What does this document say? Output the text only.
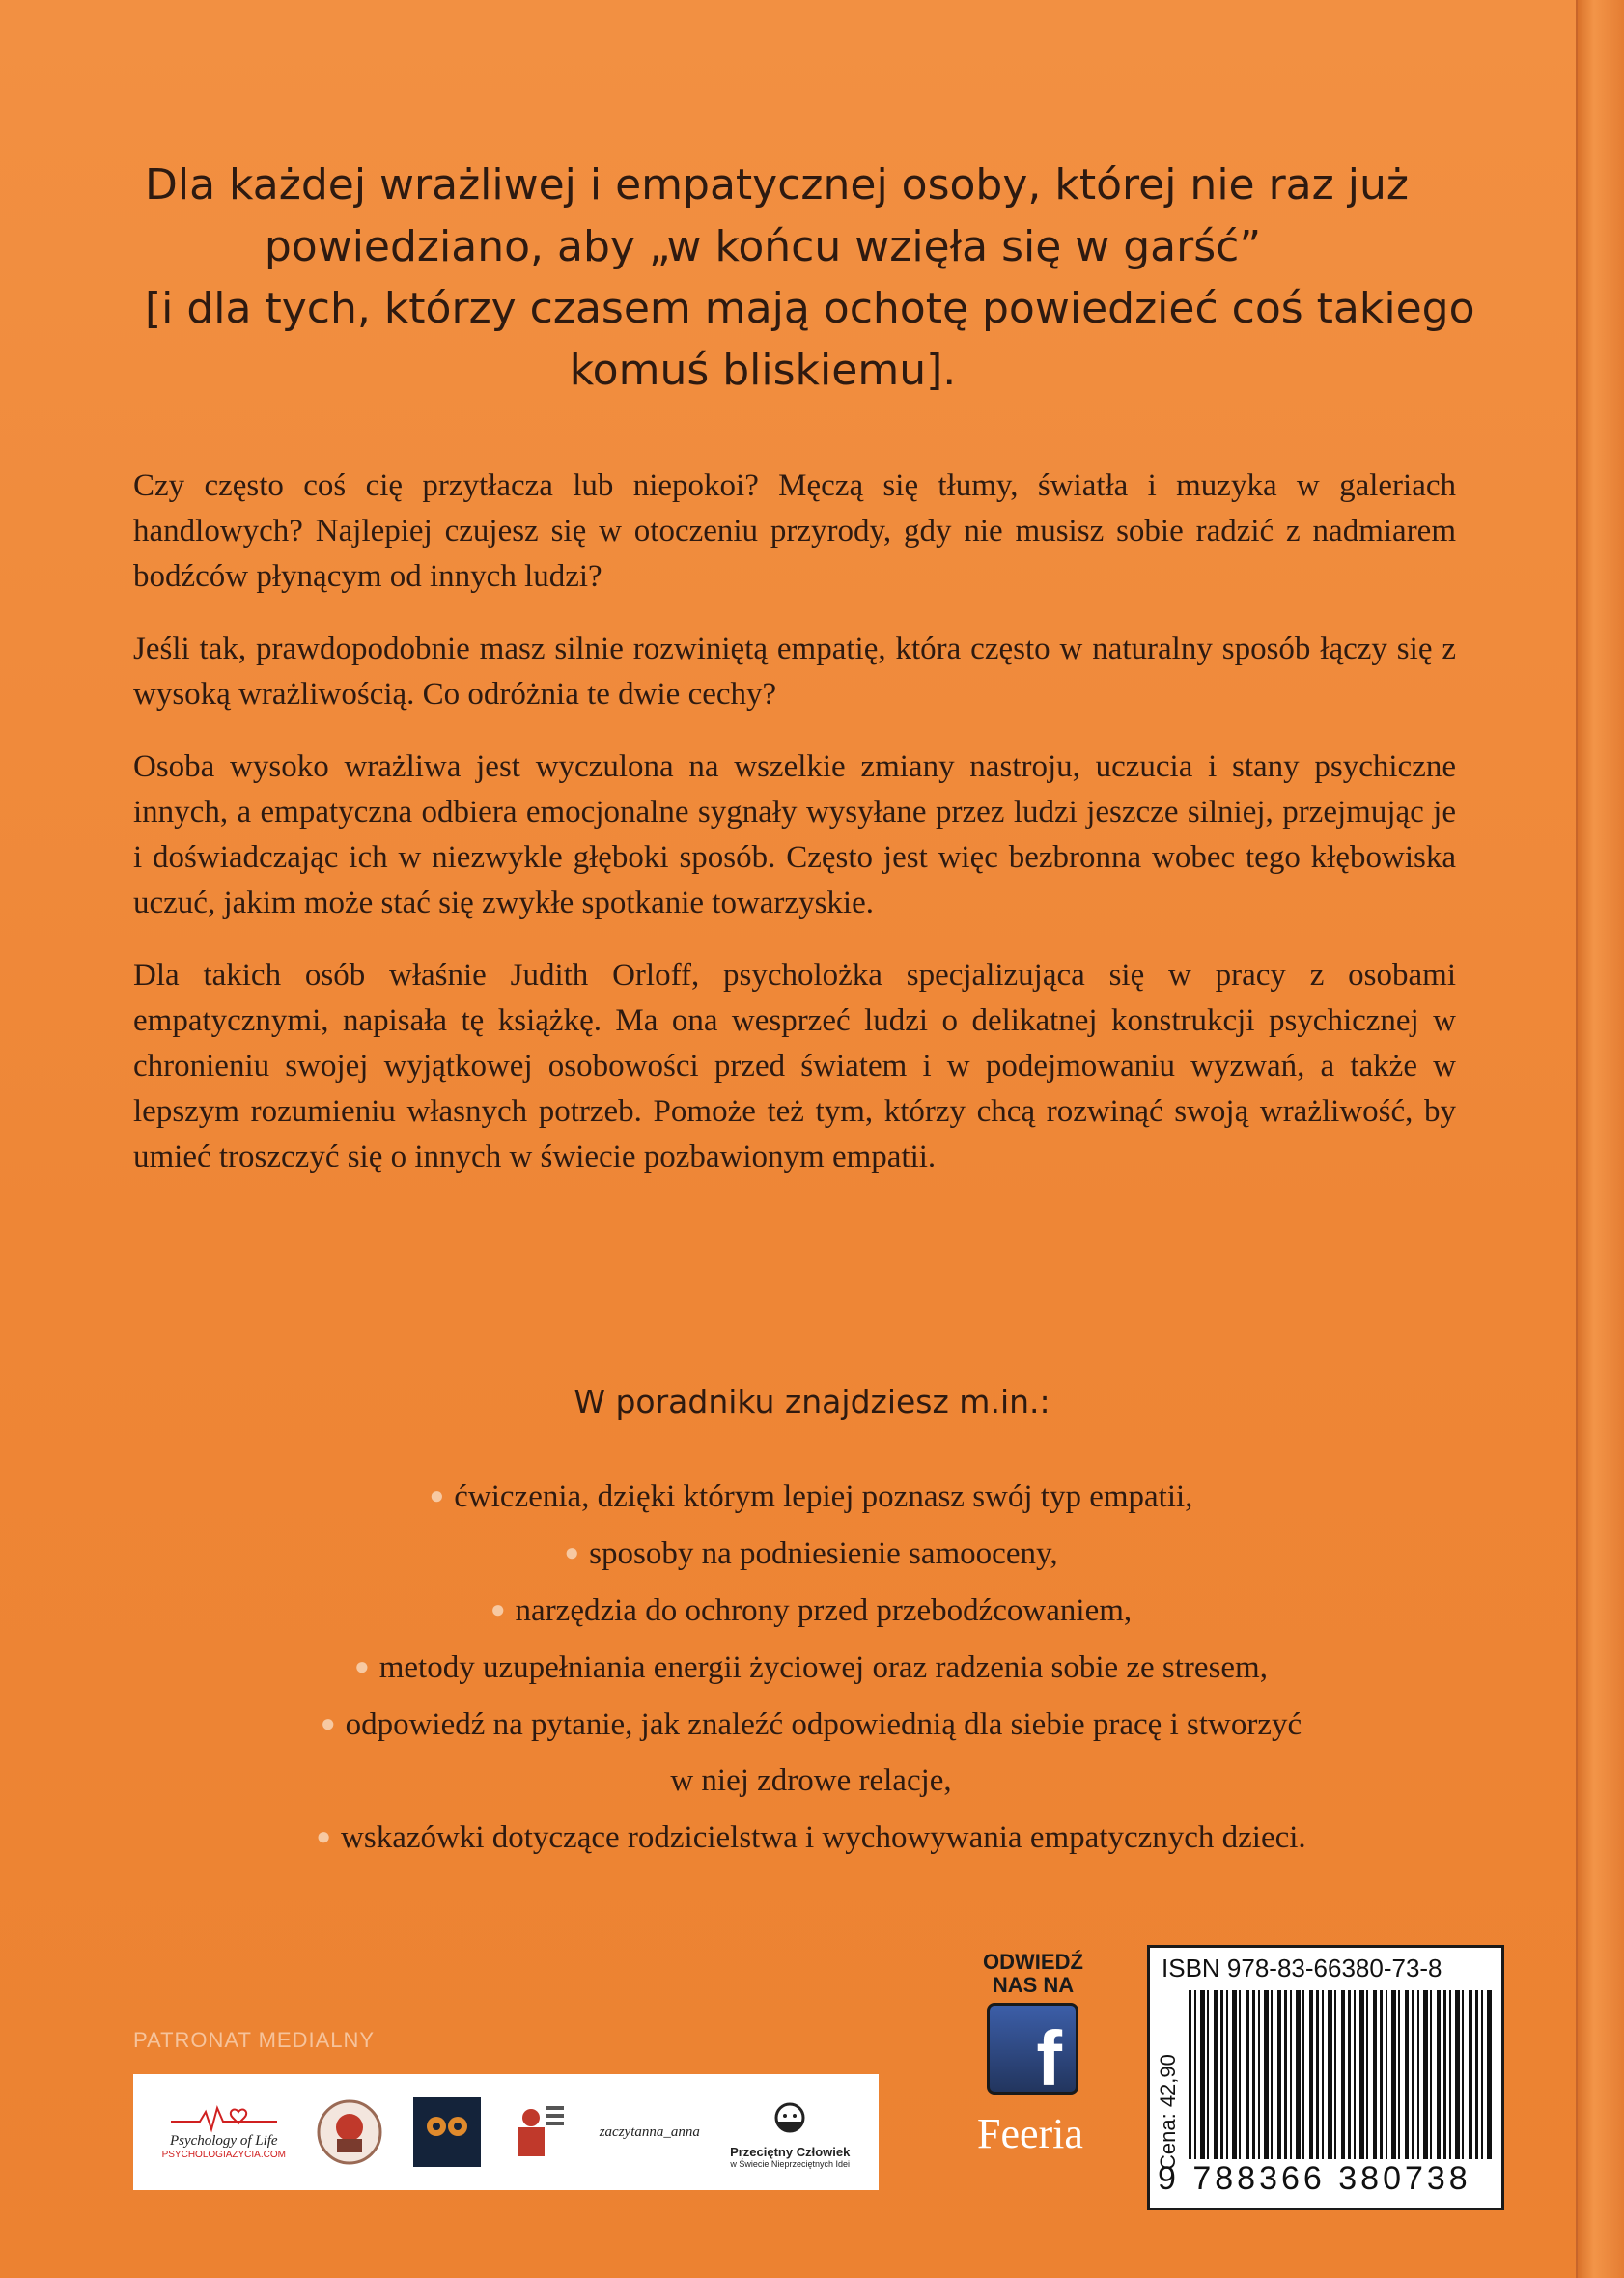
Dla każdej wrażliwej i empatycznej osoby, której nie raz już
powiedziano, aby „w końcu wzięła się w garść”
[i dla tych, którzy czasem mają ochotę powiedzieć coś takiego
komuś bliskiemu].

Czy często coś cię przytłacza lub niepokoi? Męczą się tłumy, światła i muzyka w galeriach handlowych? Najlepiej czujesz się w otoczeniu przyrody, gdy nie musisz sobie radzić z nadmiarem bodźców płynącym od innych ludzi?

Jeśli tak, prawdopodobnie masz silnie rozwiniętą empatię, która często w naturalny sposób łączy się z wysoką wrażliwością. Co odróżnia te dwie cechy?

Osoba wysoko wrażliwa jest wyczulona na wszelkie zmiany nastroju, uczucia i stany psychiczne innych, a empatyczna odbiera emocjonalne sygnały wysyłane przez ludzi jeszcze silniej, przejmując je i doświadczając ich w niezwykle głęboki sposób. Często jest więc bezbronna wobec tego kłębowiska uczuć, jakim może stać się zwykłe spotkanie towarzyskie.

Dla takich osób właśnie Judith Orloff, psycholożka specjalizująca się w pracy z osobami empatycznymi, napisała tę książkę. Ma ona wesprzeć ludzi o delikatnej konstrukcji psychicznej w chronieniu swojej wyjątkowej osobowości przed światem i w podejmowaniu wyzwań, a także w lepszym rozumieniu własnych potrzeb. Pomoże też tym, którzy chcą rozwinąć swoją wrażliwość, by umieć troszczyć się o innych w świecie pozbawionym empatii.

W poradniku znajdziesz m.in.:
● ćwiczenia, dzięki którym lepiej poznasz swój typ empatii,
● sposoby na podniesienie samooceny,
● narzędzia do ochrony przed przebodźcowaniem,
● metody uzupełniania energii życiowej oraz radzenia sobie ze stresem,
● odpowiedź na pytanie, jak znaleźć odpowiednią dla siebie pracę i stworzyć
w niej zdrowe relacje,
● wskazówki dotyczące rodzicielstwa i wychowywania empatycznych dzieci.
PATRONAT MEDIALNY
Psychology of Life
PSYCHOLOGIAZYCIA.COM
zaczytanna_anna
Przeciętny Człowiek
w Świecie Nieprzeciętnych Idei
ODWIEDŹ
NAS NA
f
Feeria
ISBN 978-83-66380-73-8
Cena: 42,90
9 788366 380738
